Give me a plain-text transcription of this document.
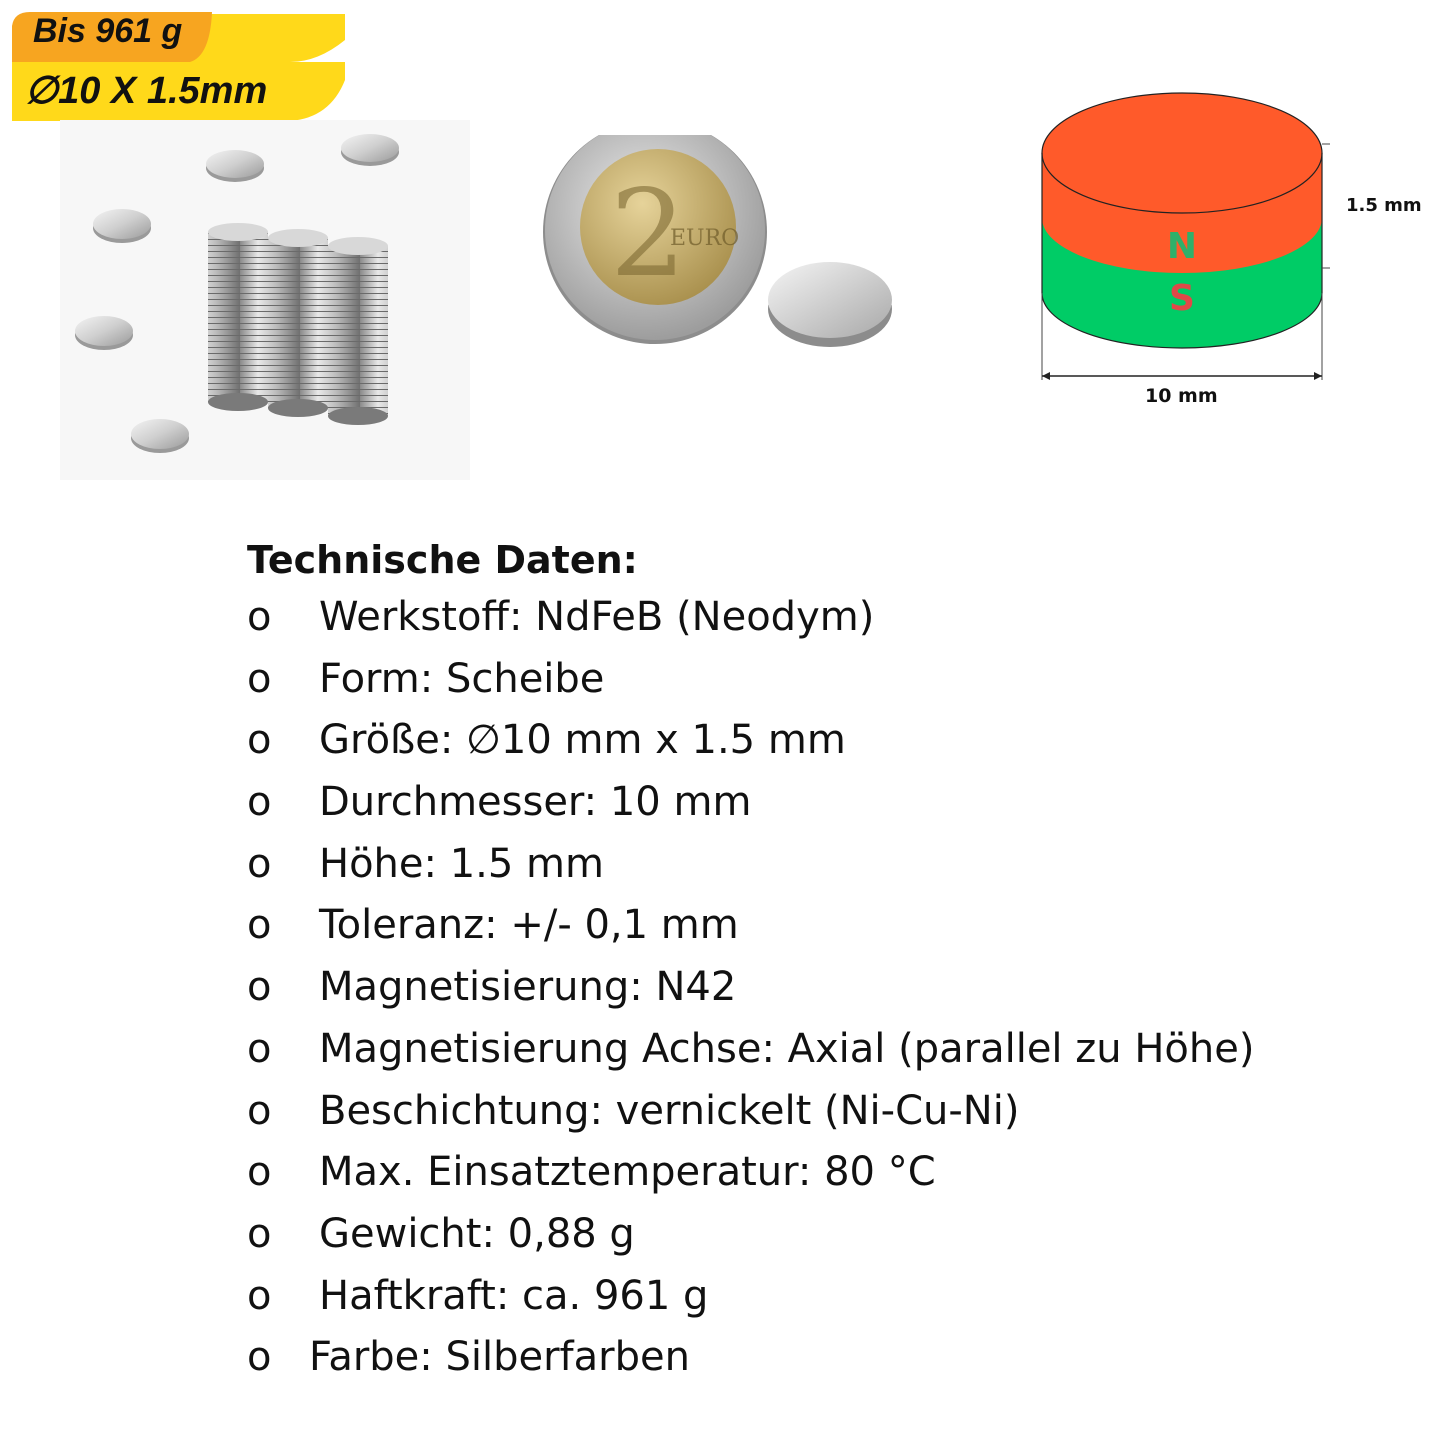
Bis 961 g
∅10 X 1.5mm
2
EURO	N
S
1.5 mm
10 mm
Technische Daten:
o Werkstoff: NdFeB (Neodym)
o Form: Scheibe
o Größe: ∅10 mm x 1.5 mm
o Durchmesser: 10 mm
o Höhe: 1.5 mm
o Toleranz: +/- 0,1 mm
o Magnetisierung: N42
o Magnetisierung Achse: Axial (parallel zu Höhe)
o Beschichtung: vernickelt (Ni-Cu-Ni)
o Max. Einsatztemperatur: 80 °C
o Gewicht: 0,88 g
o Haftkraft: ca. 961 g
o Farbe: Silberfarben
